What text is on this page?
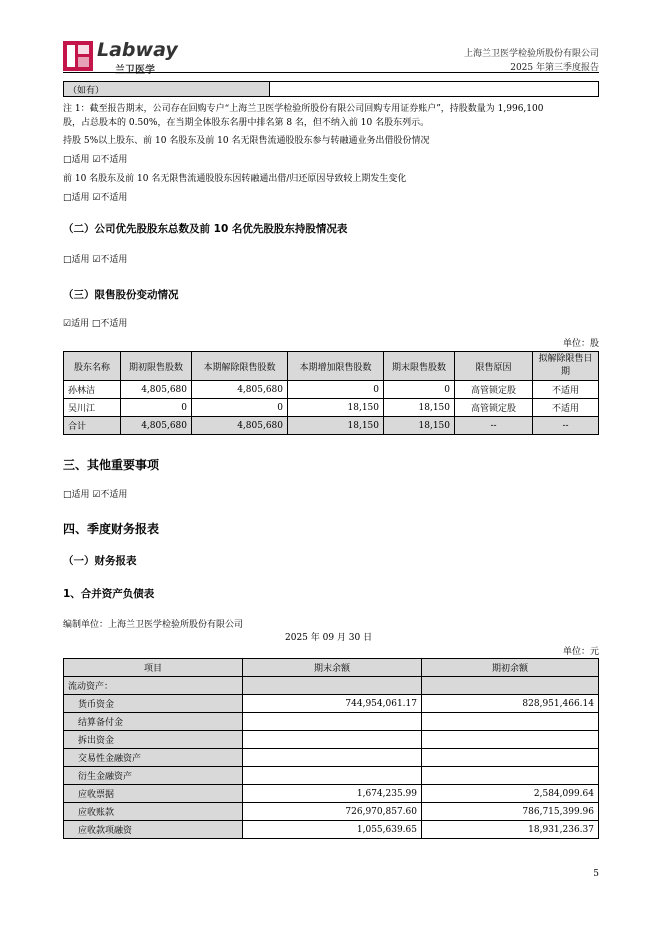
Labway
兰卫医学
上海兰卫医学检验所股份有限公司
2025 年第三季度报告
（如有）	
注 1：截至报告期末，公司存在回购专户“上海兰卫医学检验所股份有限公司回购专用证券账户”，持股数量为 1,996,100
股，占总股本的 0.50%，在当期全体股东名册中排名第 8 名，但不纳入前 10 名股东列示。
持股 5%以上股东、前 10 名股东及前 10 名无限售流通股股东参与转融通业务出借股份情况
□适用 ☑不适用
前 10 名股东及前 10 名无限售流通股股东因转融通出借/归还原因导致较上期发生变化
□适用 ☑不适用
（二）公司优先股股东总数及前 10 名优先股股东持股情况表
□适用 ☑不适用
（三）限售股份变动情况
☑适用 □不适用
单位：股
股东名称	期初限售股数	本期解除限售股数	本期增加限售股数	期末限售股数	限售原因	拟解除限售日期
孙林洁	4,805,680	4,805,680	0	0	高管锁定股	不适用
吴川江	0	0	18,150	18,150	高管锁定股	不适用
合计	4,805,680	4,805,680	18,150	18,150	--	--
三、其他重要事项
□适用 ☑不适用
四、季度财务报表
（一）财务报表
1、合并资产负债表
编制单位：上海兰卫医学检验所股份有限公司
2025 年 09 月 30 日
单位：元
项目	期末余额	期初余额
流动资产：		
货币资金	744,954,061.17	828,951,466.14
结算备付金		
拆出资金		
交易性金融资产		
衍生金融资产		
应收票据	1,674,235.99	2,584,099.64
应收账款	726,970,857.60	786,715,399.96
应收款项融资	1,055,639.65	18,931,236.37
5
